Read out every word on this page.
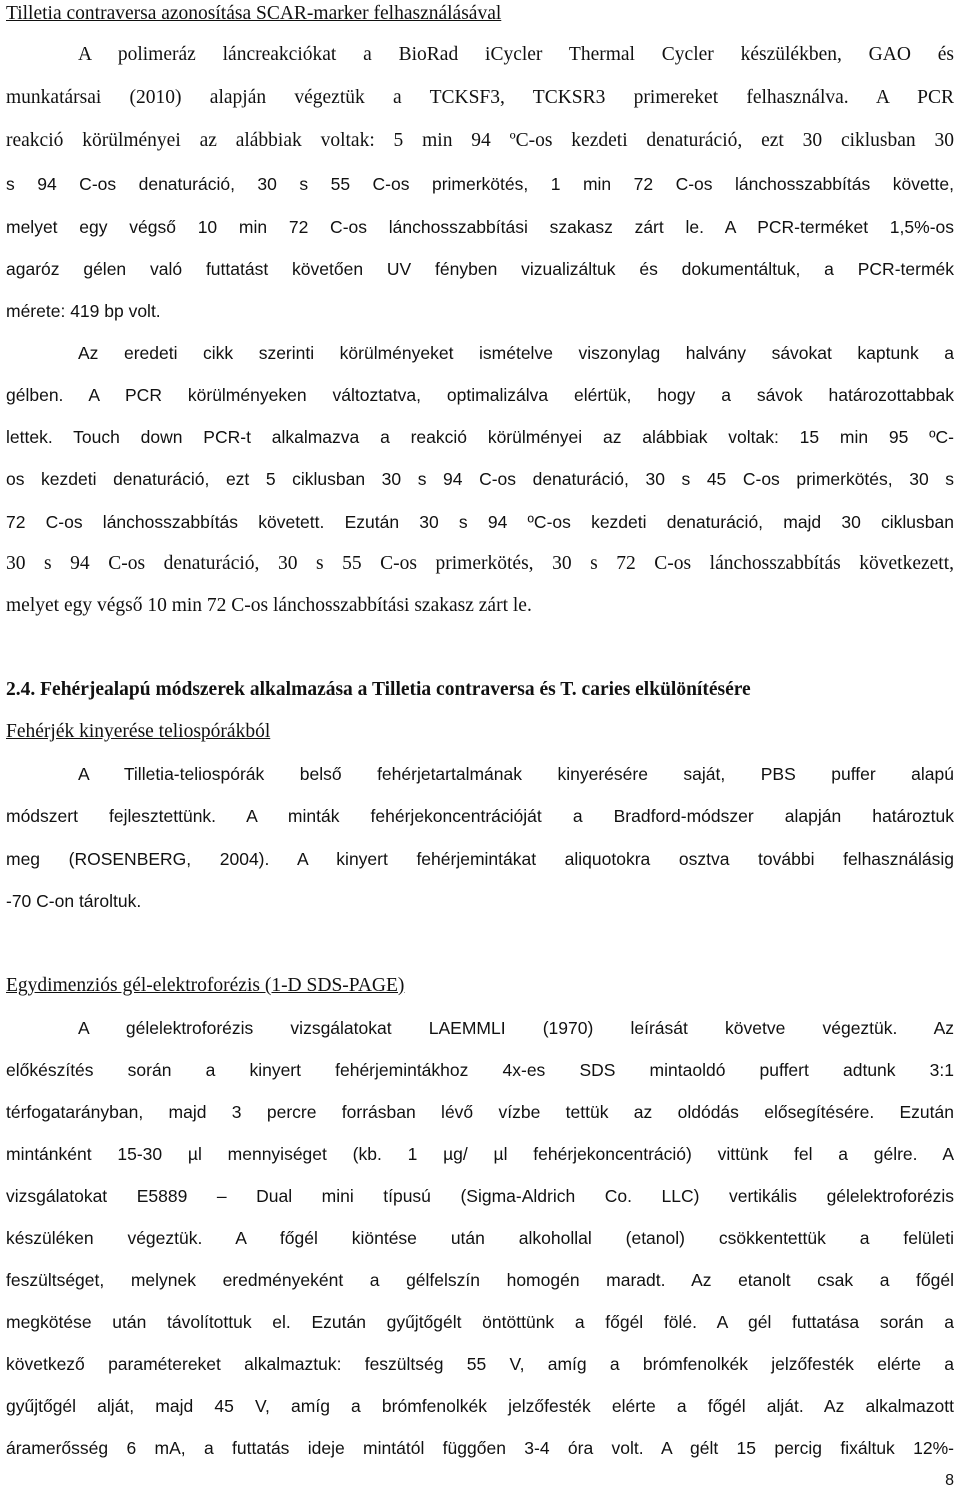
Tilletia contraversa azonosítása SCAR-marker felhasználásával
A polimeráz láncreakciókat a BioRad iCycler Thermal Cycler készülékben, GAO és
munkatársai (2010) alapján végeztük a TCKSF3, TCKSR3 primereket felhasználva. A PCR
reakció körülményei az alábbiak voltak: 5 min 94 ºC-os kezdeti denaturáció, ezt 30 ciklusban 30
s 94 C-os denaturáció, 30 s 55 C-os primerkötés, 1 min 72 C-os lánchosszabbítás követte,
melyet egy végső 10 min 72 C-os lánchosszabbítási szakasz zárt le. A PCR-terméket 1,5%-os
agaróz gélen való futtatást követően UV fényben vizualizáltuk és dokumentáltuk, a PCR-termék
mérete: 419 bp volt.
Az eredeti cikk szerinti körülményeket ismételve viszonylag halvány sávokat kaptunk a
gélben. A PCR körülményeken változtatva, optimalizálva elértük, hogy a sávok határozottabbak
lettek. Touch down PCR-t alkalmazva a reakció körülményei az alábbiak voltak: 15 min 95 ºC-
os kezdeti denaturáció, ezt 5 ciklusban 30 s 94 C-os denaturáció, 30 s 45 C-os primerkötés, 30 s
72 C-os lánchosszabbítás követett. Ezután 30 s 94 ºC-os kezdeti denaturáció, majd 30 ciklusban
30 s 94 C-os denaturáció, 30 s 55 C-os primerkötés, 30 s 72 C-os lánchosszabbítás következett,
melyet egy végső 10 min 72 C-os lánchosszabbítási szakasz zárt le.
2.4. Fehérjealapú módszerek alkalmazása a Tilletia contraversa és T. caries elkülönítésére
Fehérjék kinyerése teliospórákból
A Tilletia-teliospórák belső fehérjetartalmának kinyerésére saját, PBS puffer alapú
módszert fejlesztettünk. A minták fehérjekoncentrációját a Bradford-módszer alapján határoztuk
meg (ROSENBERG, 2004). A kinyert fehérjemintákat aliquotokra osztva további felhasználásig
-70 C-on tároltuk.
Egydimenziós gél-elektroforézis (1-D SDS-PAGE)
A gélelektroforézis vizsgálatokat LAEMMLI (1970) leírását követve végeztük. Az
előkészítés során a kinyert fehérjemintákhoz 4x-es SDS mintaoldó puffert adtunk 3:1
térfogatarányban, majd 3 percre forrásban lévő vízbe tettük az oldódás elősegítésére. Ezután
mintánként 15-30 µl mennyiséget (kb. 1 µg/ µl fehérjekoncentráció) vittünk fel a gélre. A
vizsgálatokat E5889 – Dual mini típusú (Sigma-Aldrich Co. LLC) vertikális gélelektroforézis
készüléken végeztük. A főgél kiöntése után alkohollal (etanol) csökkentettük a felületi
feszültséget, melynek eredményeként a gélfelszín homogén maradt. Az etanolt csak a főgél
megkötése után távolítottuk el. Ezután gyűjtőgélt öntöttünk a főgél fölé. A gél futtatása során a
következő paramétereket alkalmaztuk: feszültség 55 V, amíg a brómfenolkék jelzőfesték elérte a
gyűjtőgél alját, majd 45 V, amíg a brómfenolkék jelzőfesték elérte a főgél alját. Az alkalmazott
áramerősség 6 mA, a futtatás ideje mintától függően 3-4 óra volt. A gélt 15 percig fixáltuk 12%-
8
